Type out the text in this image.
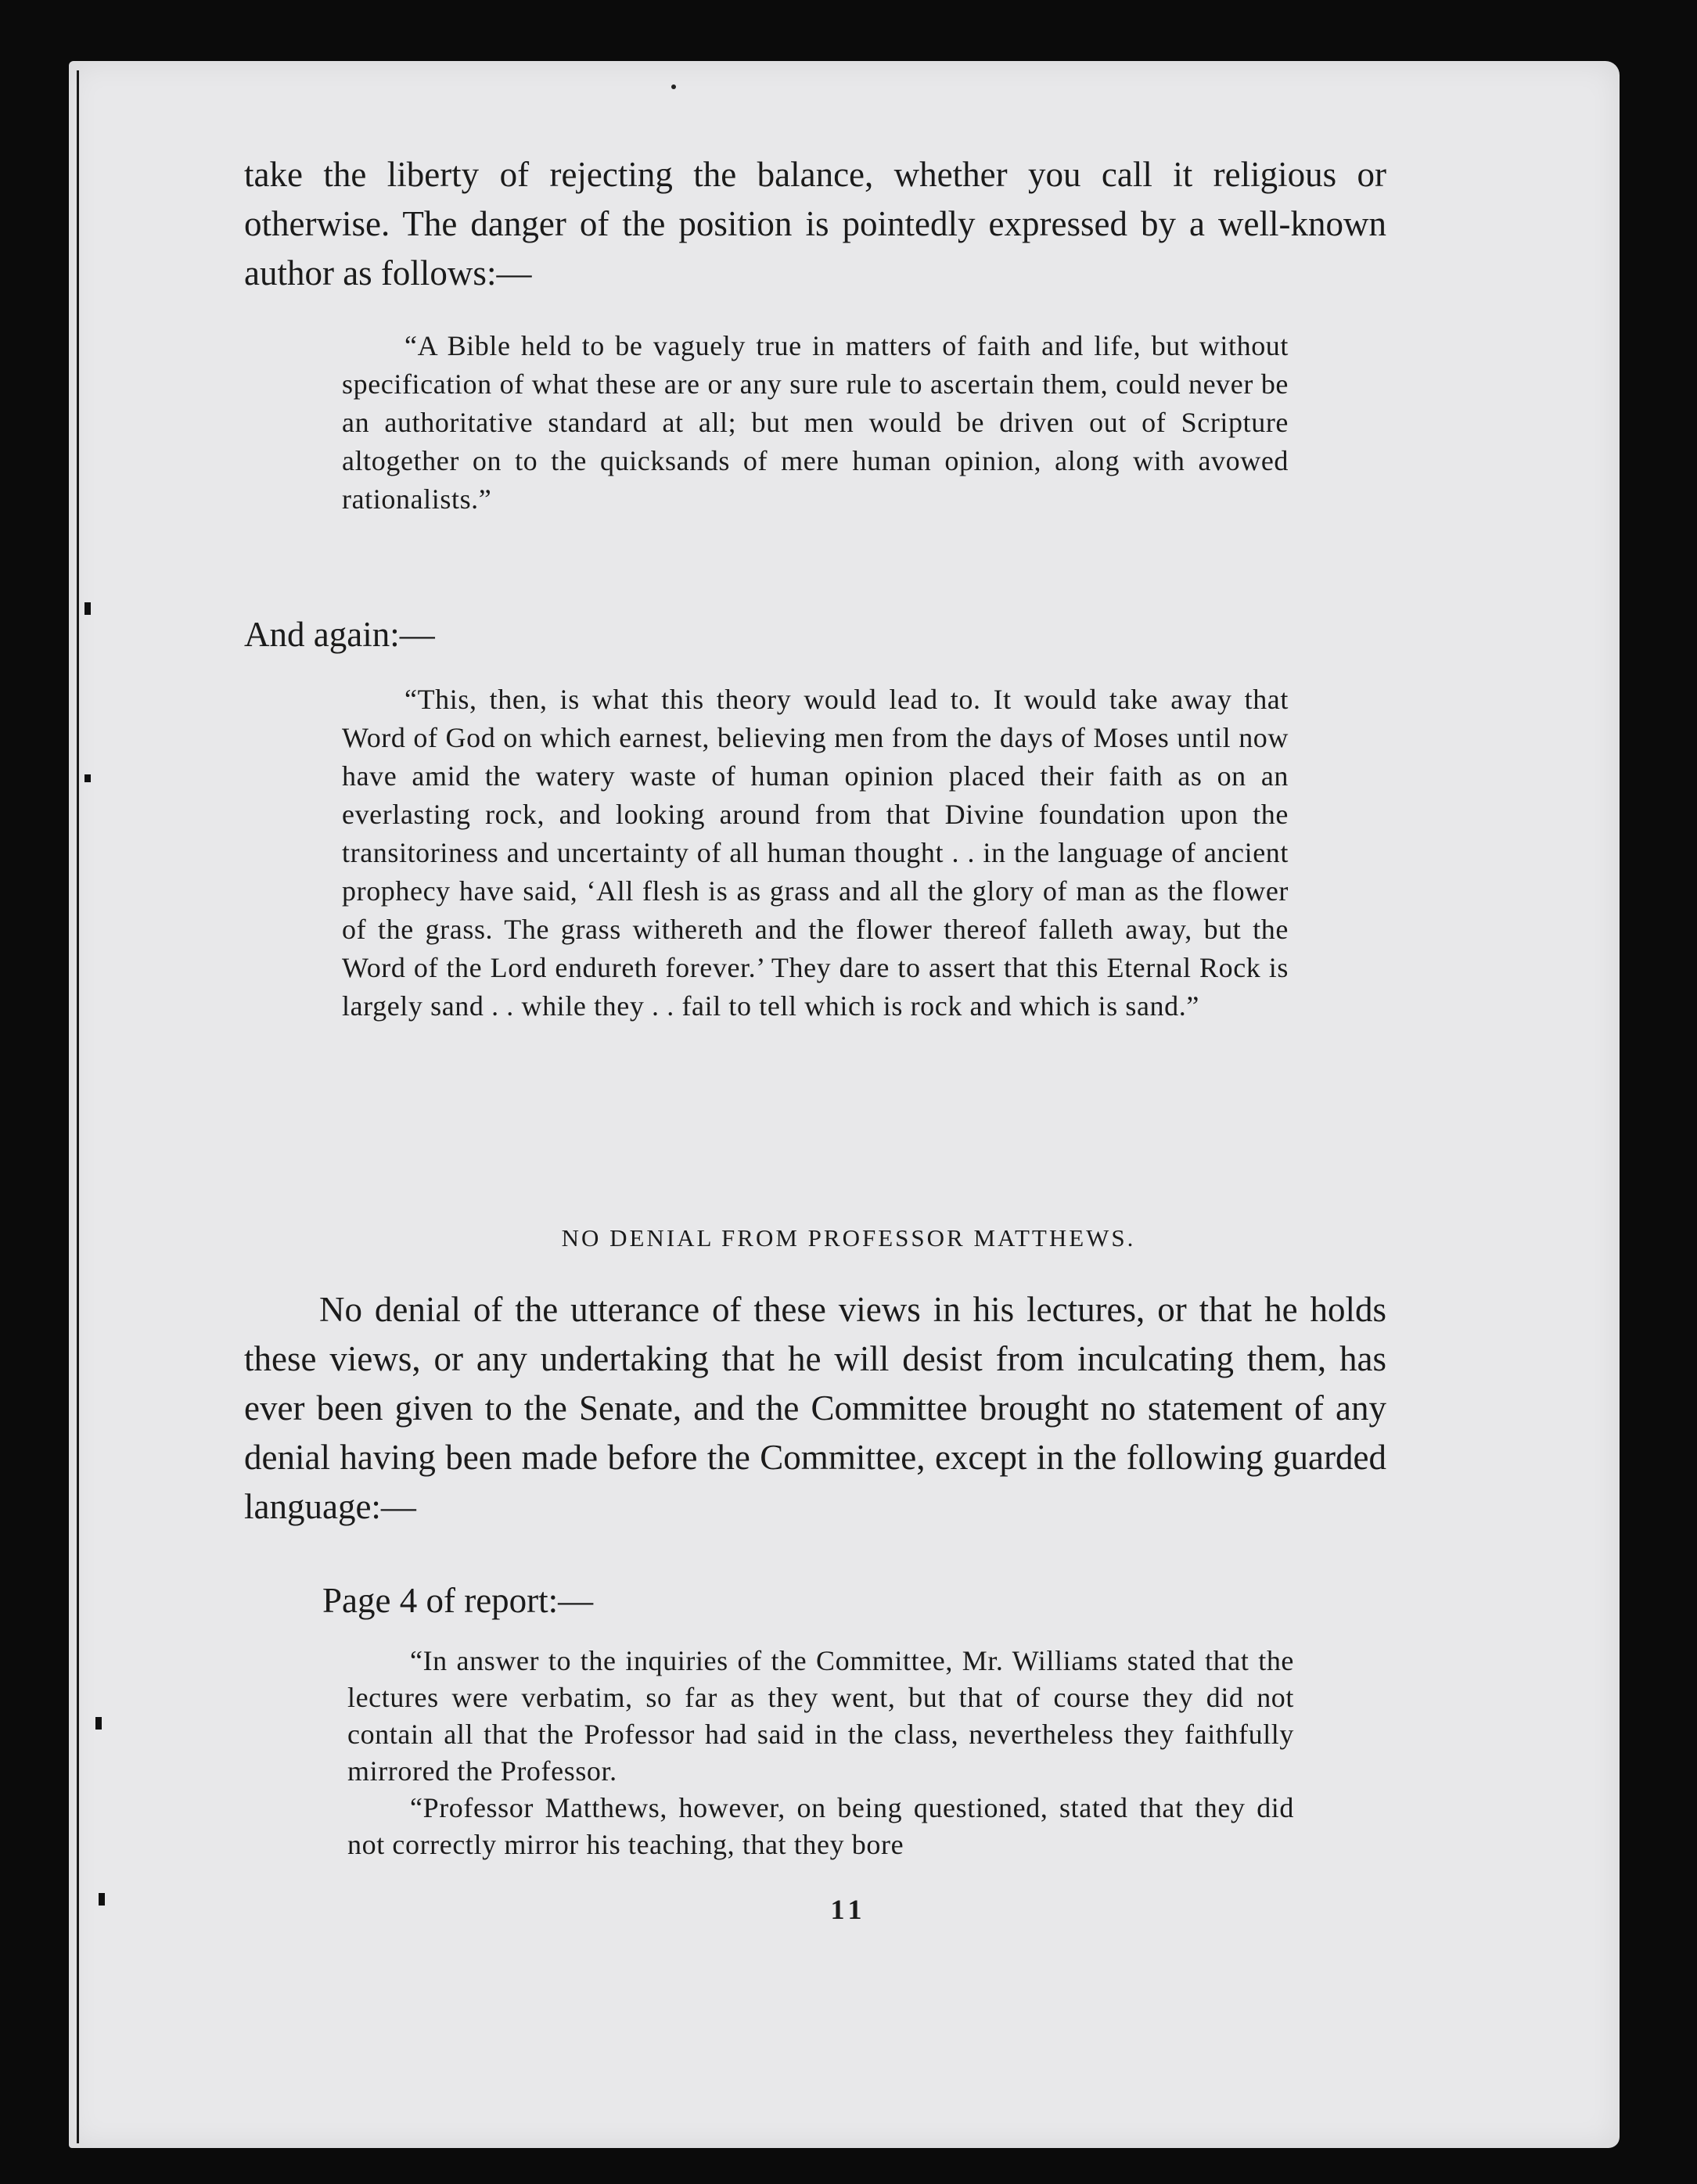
take the liberty of rejecting the balance, whether you call it religious or otherwise. The danger of the position is pointedly expressed by a well-known author as follows:—

“A Bible held to be vaguely true in matters of faith and life, but without specification of what these are or any sure rule to ascertain them, could never be an authoritative standard at all; but men would be driven out of Scripture altogether on to the quicksands of mere human opinion, along with avowed rationalists.”

And again:—

“This, then, is what this theory would lead to. It would take away that Word of God on which earnest, believing men from the days of Moses until now have amid the watery waste of human opinion placed their faith as on an everlasting rock, and looking around from that Divine foundation upon the transitoriness and uncertainty of all human thought . . in the language of ancient prophecy have said, ‘All flesh is as grass and all the glory of man as the flower of the grass. The grass withereth and the flower thereof falleth away, but the Word of the Lord endureth forever.’ They dare to assert that this Eternal Rock is largely sand . . while they . . fail to tell which is rock and which is sand.”

NO DENIAL FROM PROFESSOR MATTHEWS.

No denial of the utterance of these views in his lectures, or that he holds these views, or any undertaking that he will desist from inculcating them, has ever been given to the Senate, and the Committee brought no statement of any denial having been made before the Committee, except in the following guarded language:—

Page 4 of report:—

“In answer to the inquiries of the Committee, Mr. Williams stated that the lectures were verbatim, so far as they went, but that of course they did not contain all that the Professor had said in the class, nevertheless they faithfully mirrored the Professor.

“Professor Matthews, however, on being questioned, stated that they did not correctly mirror his teaching, that they bore

11
